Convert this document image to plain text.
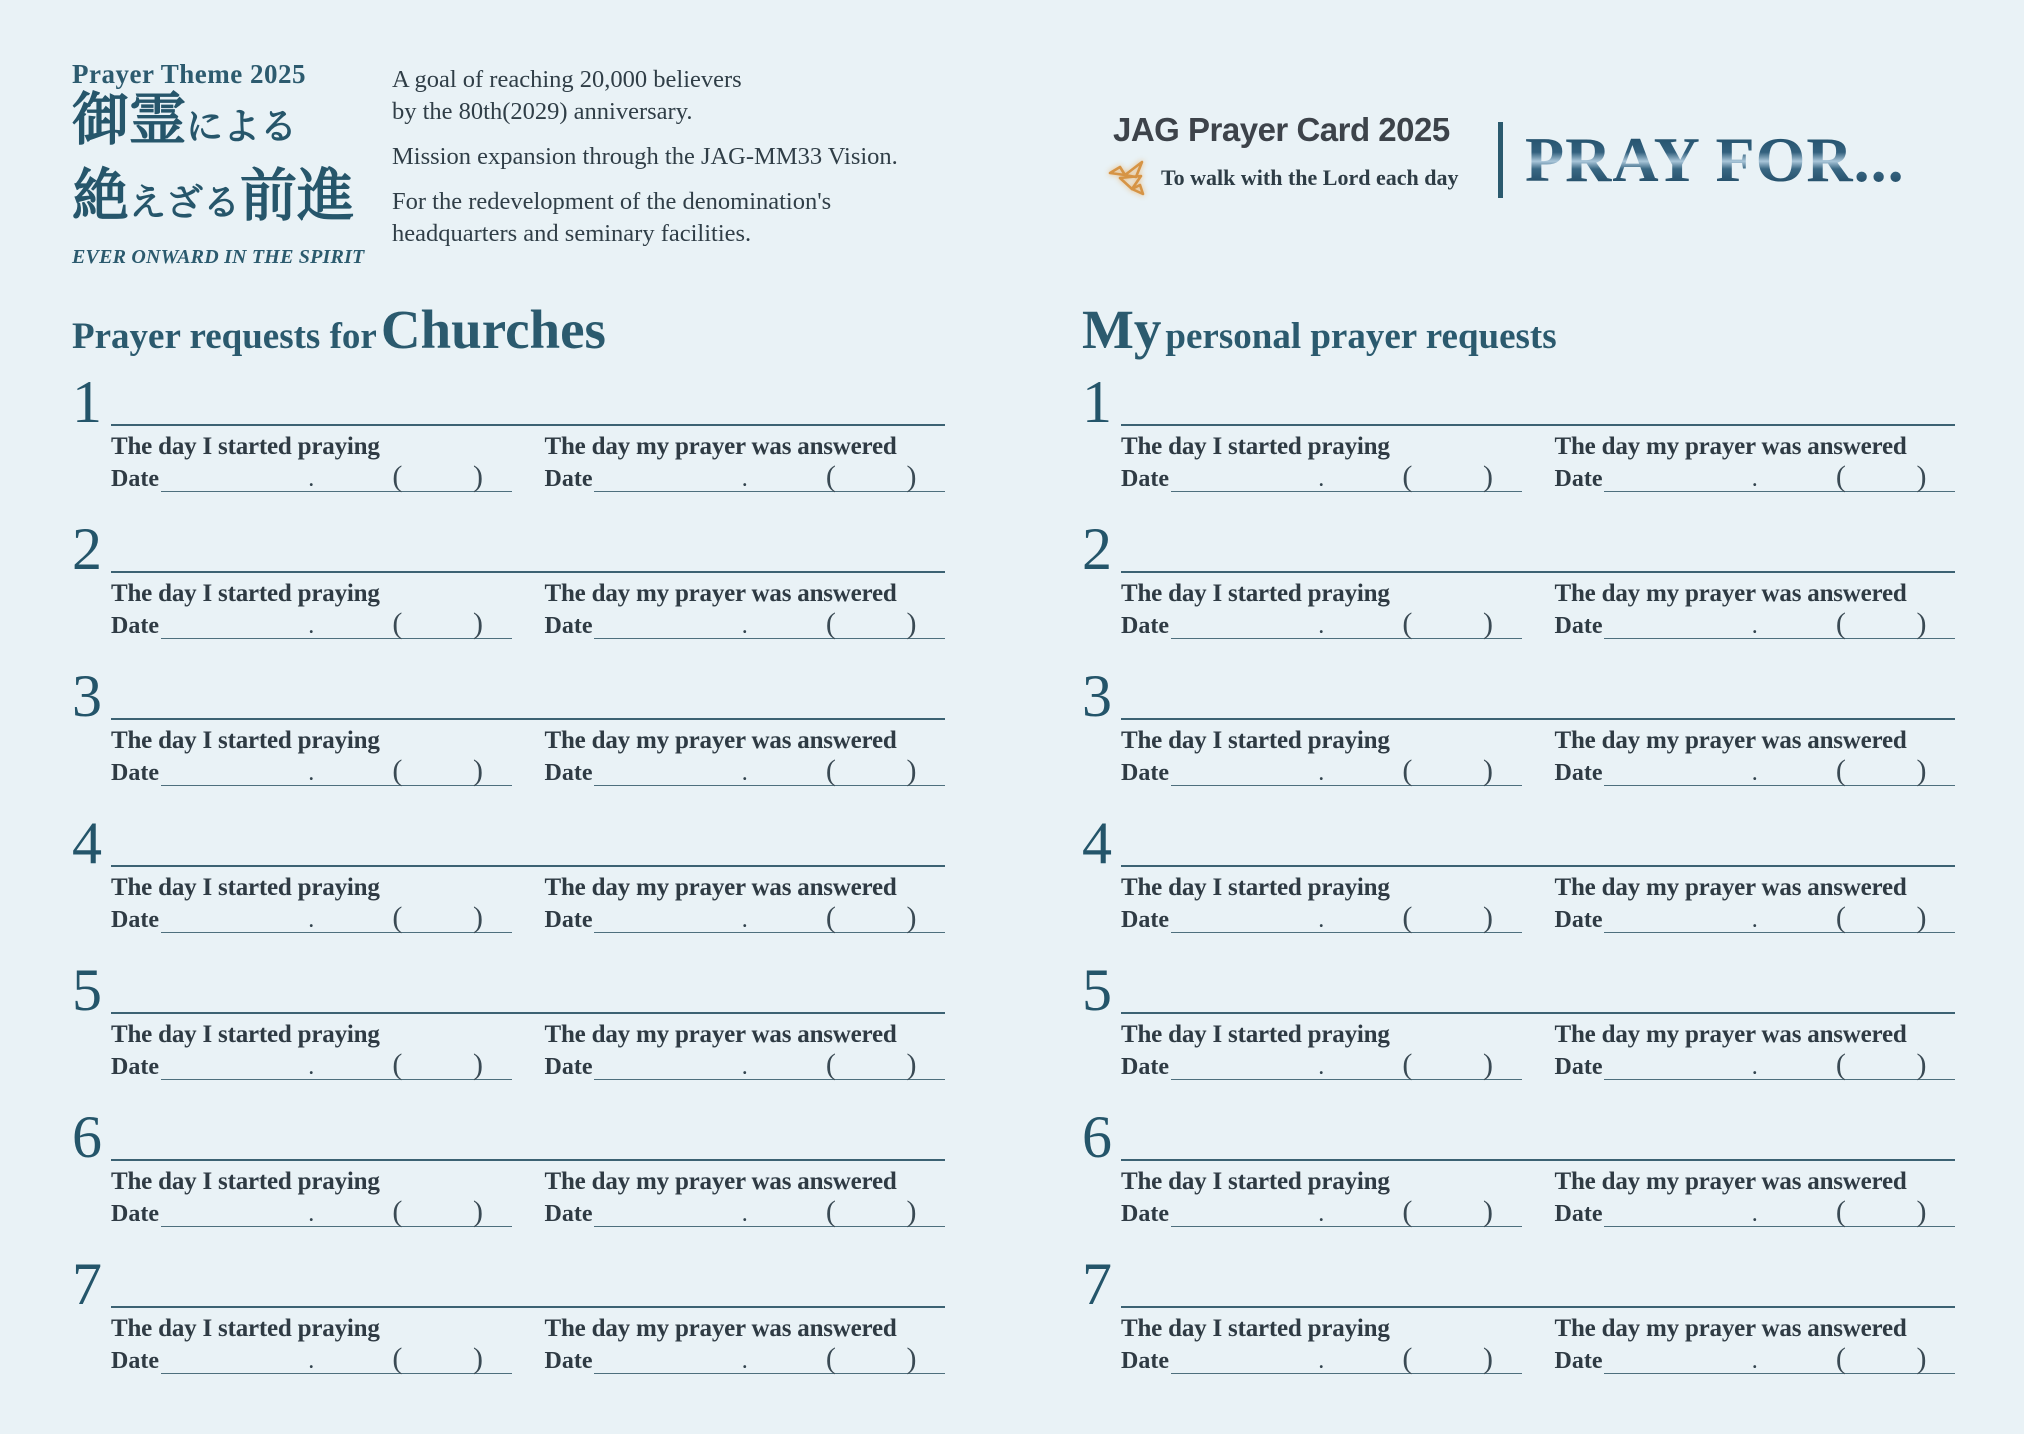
Prayer Theme 2025
御霊による
絶えざる前進
EVER ONWARD IN THE SPIRIT

A goal of reaching 20,000 believers
by the 80th(2029) anniversary.

Mission expansion through the JAG-MM33 Vision.

For the redevelopment of the denomination's
headquarters and seminary facilities.

JAG Prayer Card 2025
To walk with the Lord each day PRAY FOR...
Prayer requests for Churches
1
The day I started praying
Date	.	( )
The day my prayer was answered
Date	.	( )
2
The day I started praying
Date	.	( )
The day my prayer was answered
Date	.	( )
3
The day I started praying
Date	.	( )
The day my prayer was answered
Date	.	( )
4
The day I started praying
Date	.	( )
The day my prayer was answered
Date	.	( )
5
The day I started praying
Date	.	( )
The day my prayer was answered
Date	.	( )
6
The day I started praying
Date	.	( )
The day my prayer was answered
Date	.	( )
7
The day I started praying
Date	.	( )
The day my prayer was answered
Date	.	( )
My personal prayer requests
1
The day I started praying
Date	.	( )
The day my prayer was answered
Date	.	( )
2
The day I started praying
Date	.	( )
The day my prayer was answered
Date	.	( )
3
The day I started praying
Date	.	( )
The day my prayer was answered
Date	.	( )
4
The day I started praying
Date	.	( )
The day my prayer was answered
Date	.	( )
5
The day I started praying
Date	.	( )
The day my prayer was answered
Date	.	( )
6
The day I started praying
Date	.	( )
The day my prayer was answered
Date	.	( )
7
The day I started praying
Date	.	( )
The day my prayer was answered
Date	.	( )
